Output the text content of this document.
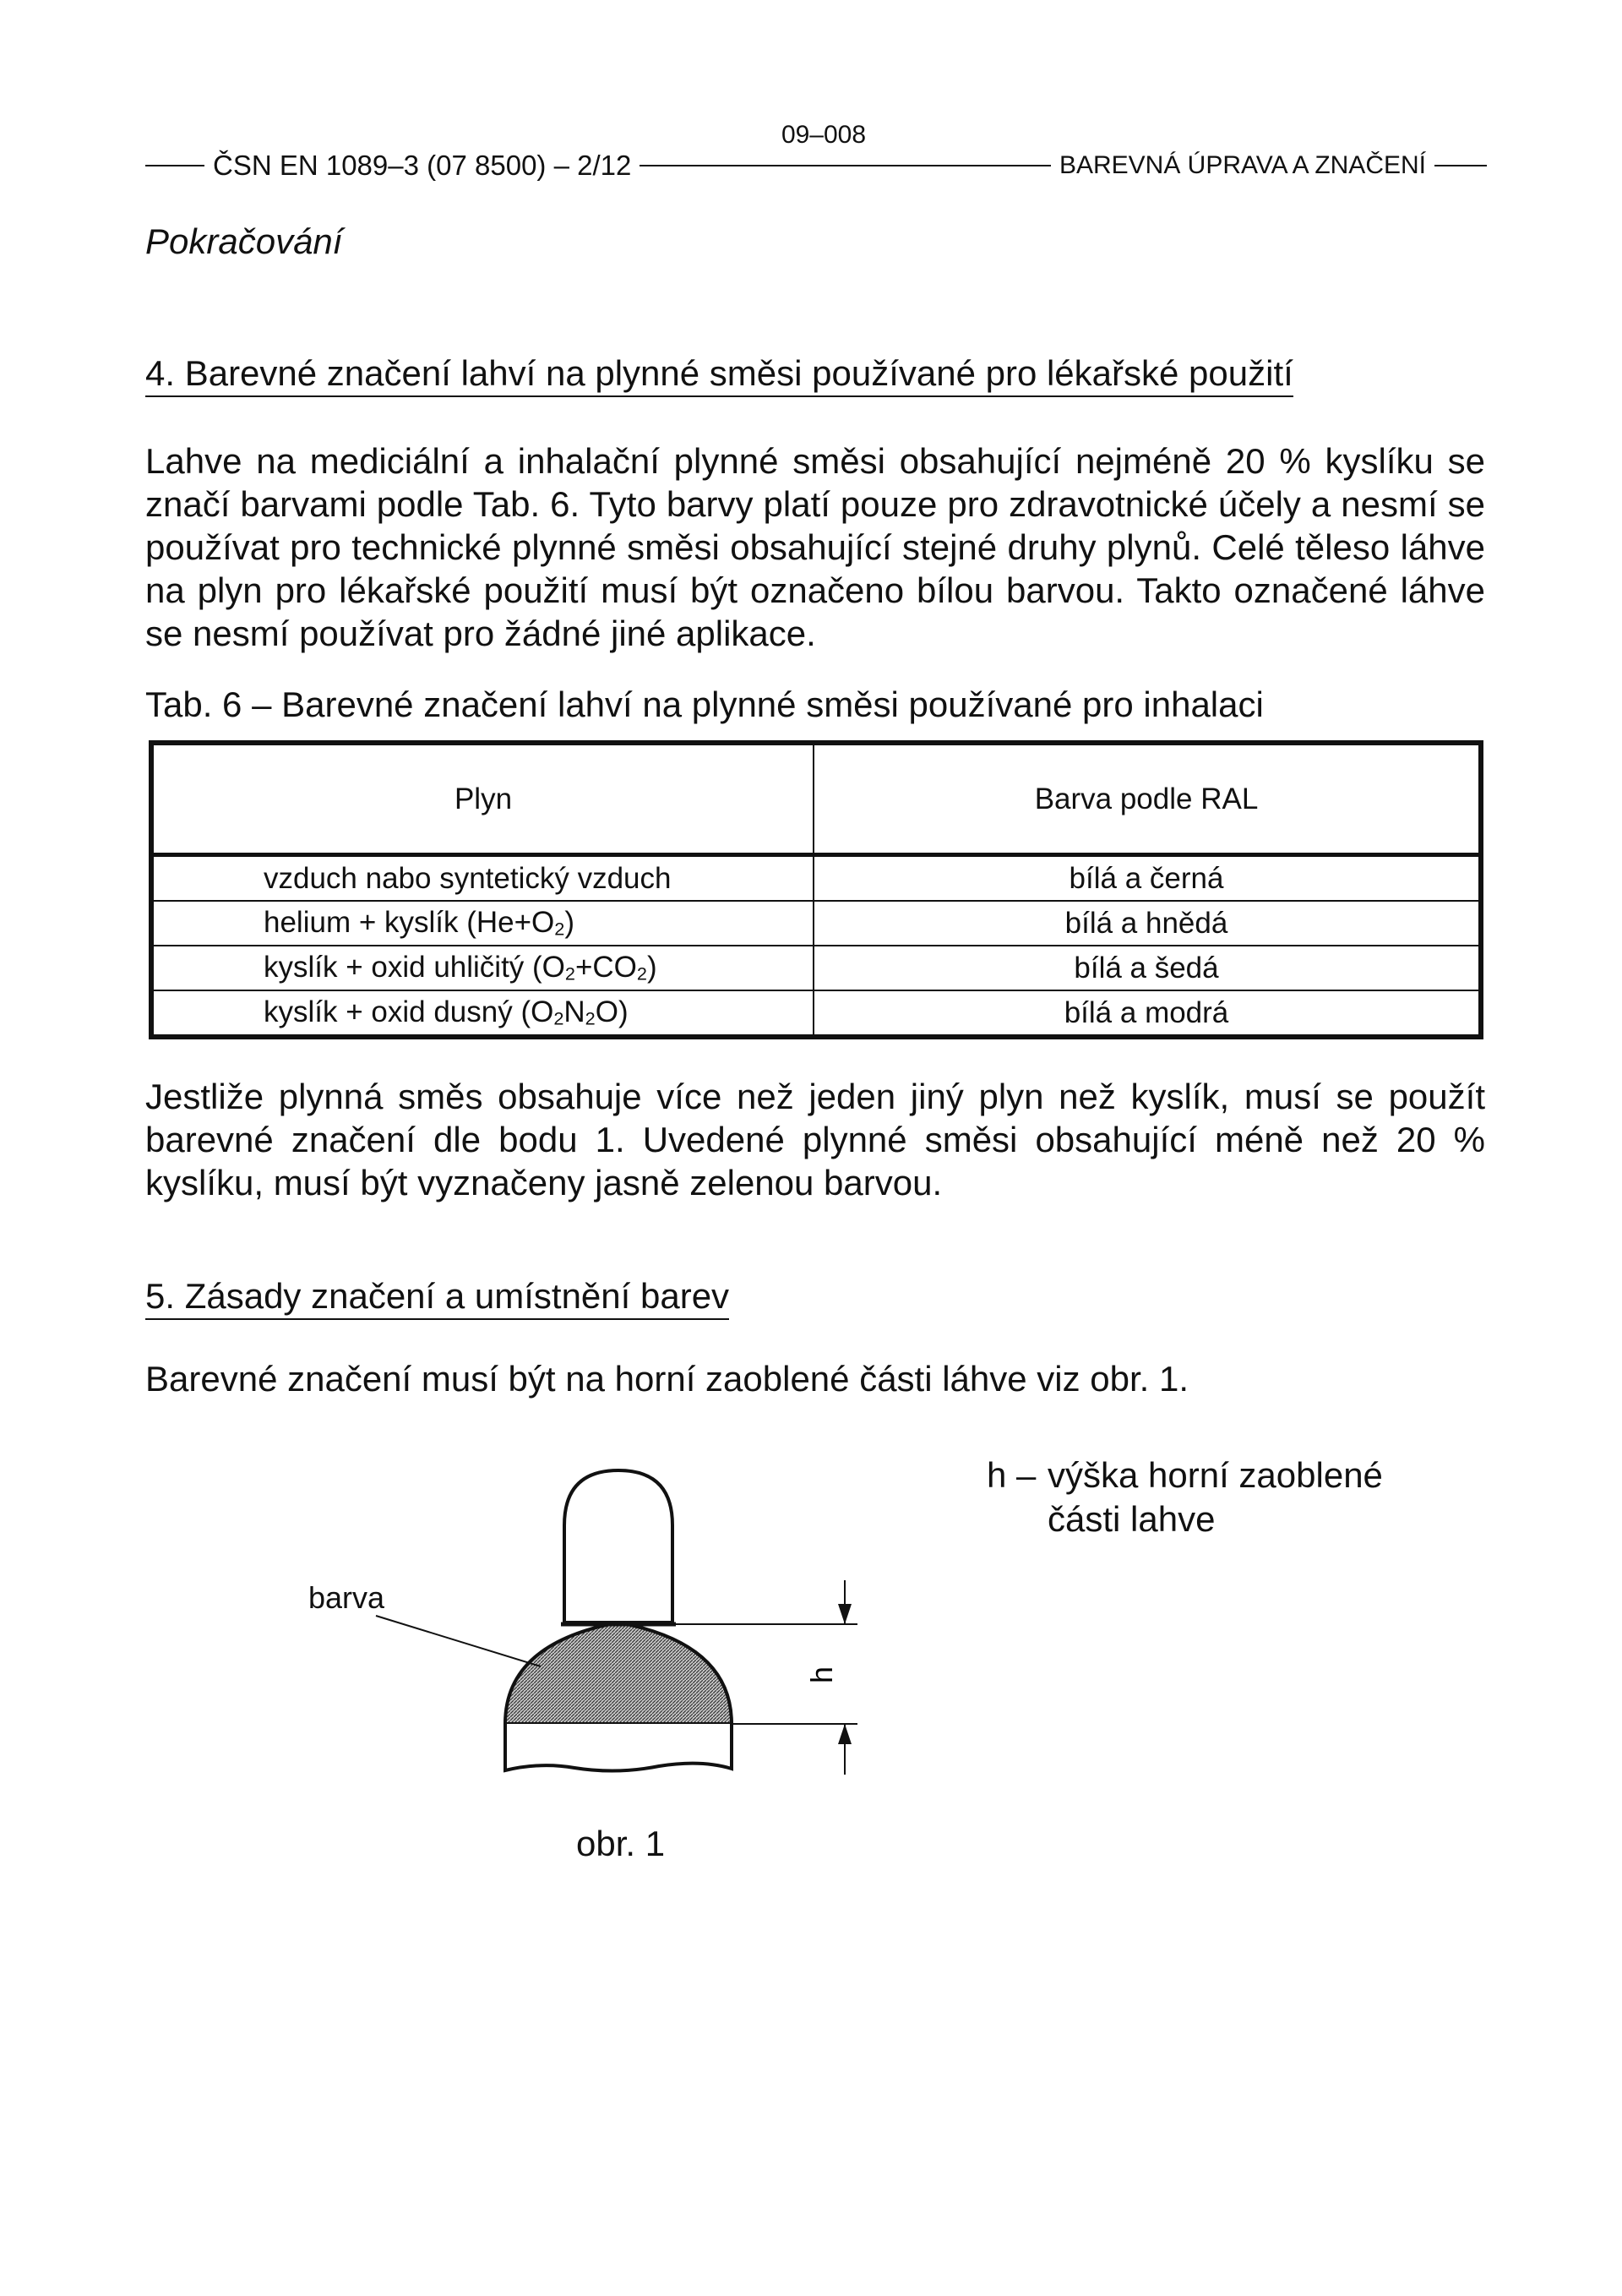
09–008
ČSN EN 1089–3 (07 8500) – 2/12	BAREVNÁ ÚPRAVA A ZNAČENÍ
Pokračování
4. Barevné značení lahví na plynné směsi používané pro lékařské použití
Lahve na mediciální a inhalační plynné směsi obsahující nejméně 20 % kyslíku se značí barvami podle Tab. 6. Tyto barvy platí pouze pro zdravotnické účely a nesmí se používat pro technické plynné směsi obsahující stejné druhy plynů. Celé těleso láhve na plyn pro lékařské použití musí být označeno bílou barvou. Takto označené láhve se nesmí používat pro žádné jiné aplikace.
Tab. 6 – Barevné značení lahví na plynné směsi používané pro inhalaci
Plyn	Barva podle RAL
vzduch nabo syntetický vzduch	bílá a černá
helium + kyslík $(He+O_2)$	bílá a hnědá
kyslík + oxid uhličitý $(O_2+CO_2)$	bílá a šedá
kyslík + oxid dusný $(O_2N_2O)$	bílá a modrá
Jestliže plynná směs obsahuje více než jeden jiný plyn než kyslík, musí se použít barevné značení dle bodu 1. Uvedené plynné směsi obsahující méně než 20 % kyslíku, musí být vyznačeny jasně zelenou barvou.
5. Zásady značení a umístnění barev
Barevné značení musí být na horní zaoblené části láhve viz obr. 1.
h
barva
obr. 1
h – výška horní zaoblené
části lahve
